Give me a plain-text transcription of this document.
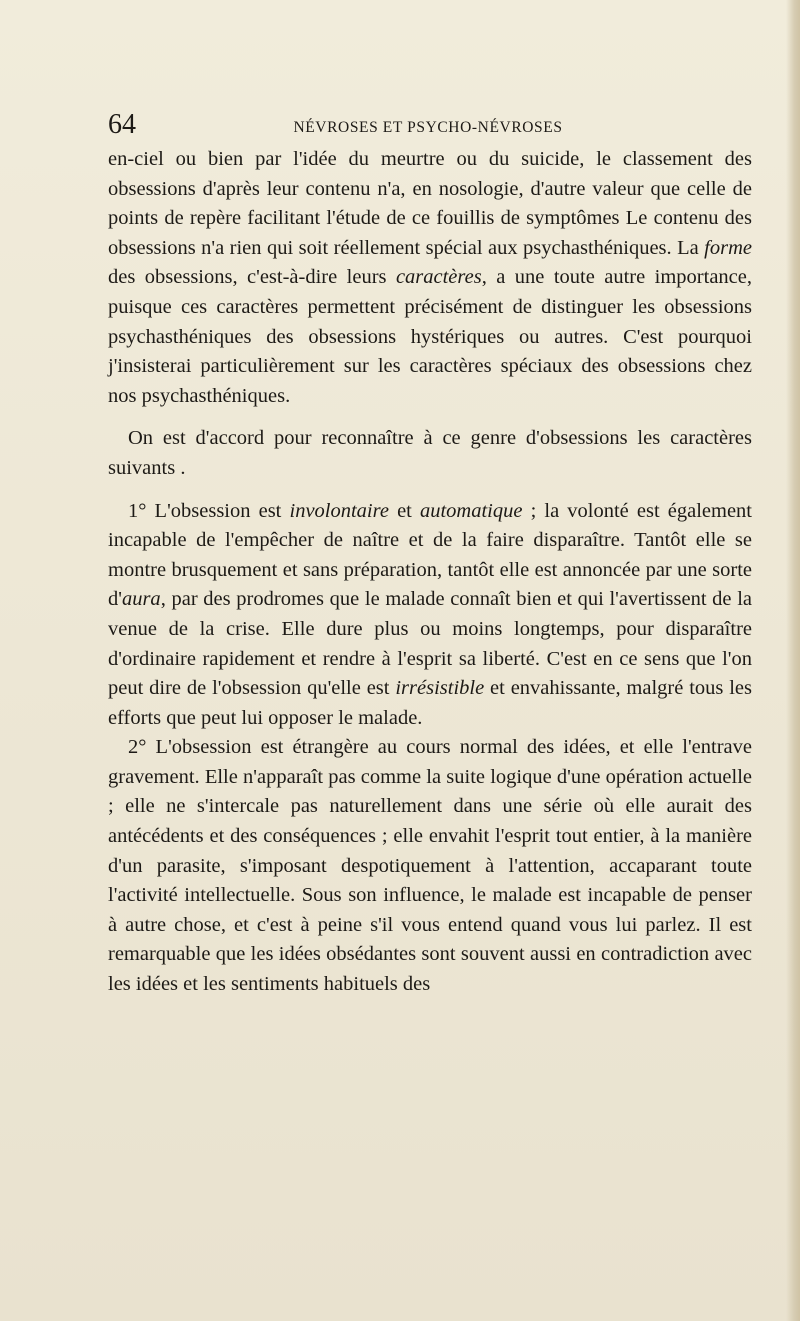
64	NÉVROSES ET PSYCHO-NÉVROSES

en-ciel ou bien par l'idée du meurtre ou du suicide, le classement des obsessions d'après leur contenu n'a, en nosologie, d'autre valeur que celle de points de repère facilitant l'étude de ce fouillis de symptômes Le contenu des obsessions n'a rien qui soit réellement spécial aux psychasthéniques. La forme des obsessions, c'est-à-dire leurs caractères, a une toute autre importance, puisque ces caractères permettent précisément de distinguer les obsessions psychasthéniques des obsessions hystériques ou autres. C'est pourquoi j'insisterai particulièrement sur les caractères spéciaux des obsessions chez nos psychasthéniques.

On est d'accord pour reconnaître à ce genre d'obsessions les caractères suivants .

1° L'obsession est involontaire et automatique ; la volonté est également incapable de l'empêcher de naître et de la faire disparaître. Tantôt elle se montre brusquement et sans préparation, tantôt elle est annoncée par une sorte d'aura, par des prodromes que le malade connaît bien et qui l'avertissent de la venue de la crise. Elle dure plus ou moins longtemps, pour disparaître d'ordinaire rapidement et rendre à l'esprit sa liberté. C'est en ce sens que l'on peut dire de l'obsession qu'elle est irrésistible et envahissante, malgré tous les efforts que peut lui opposer le malade.

2° L'obsession est étrangère au cours normal des idées, et elle l'entrave gravement. Elle n'apparaît pas comme la suite logique d'une opération actuelle ; elle ne s'intercale pas naturellement dans une série où elle aurait des antécédents et des conséquences ; elle envahit l'esprit tout entier, à la manière d'un parasite, s'imposant despotiquement à l'attention, accaparant toute l'activité intellectuelle. Sous son influence, le malade est incapable de penser à autre chose, et c'est à peine s'il vous entend quand vous lui parlez. Il est remarquable que les idées obsédantes sont souvent aussi en contradiction avec les idées et les sentiments habituels des
